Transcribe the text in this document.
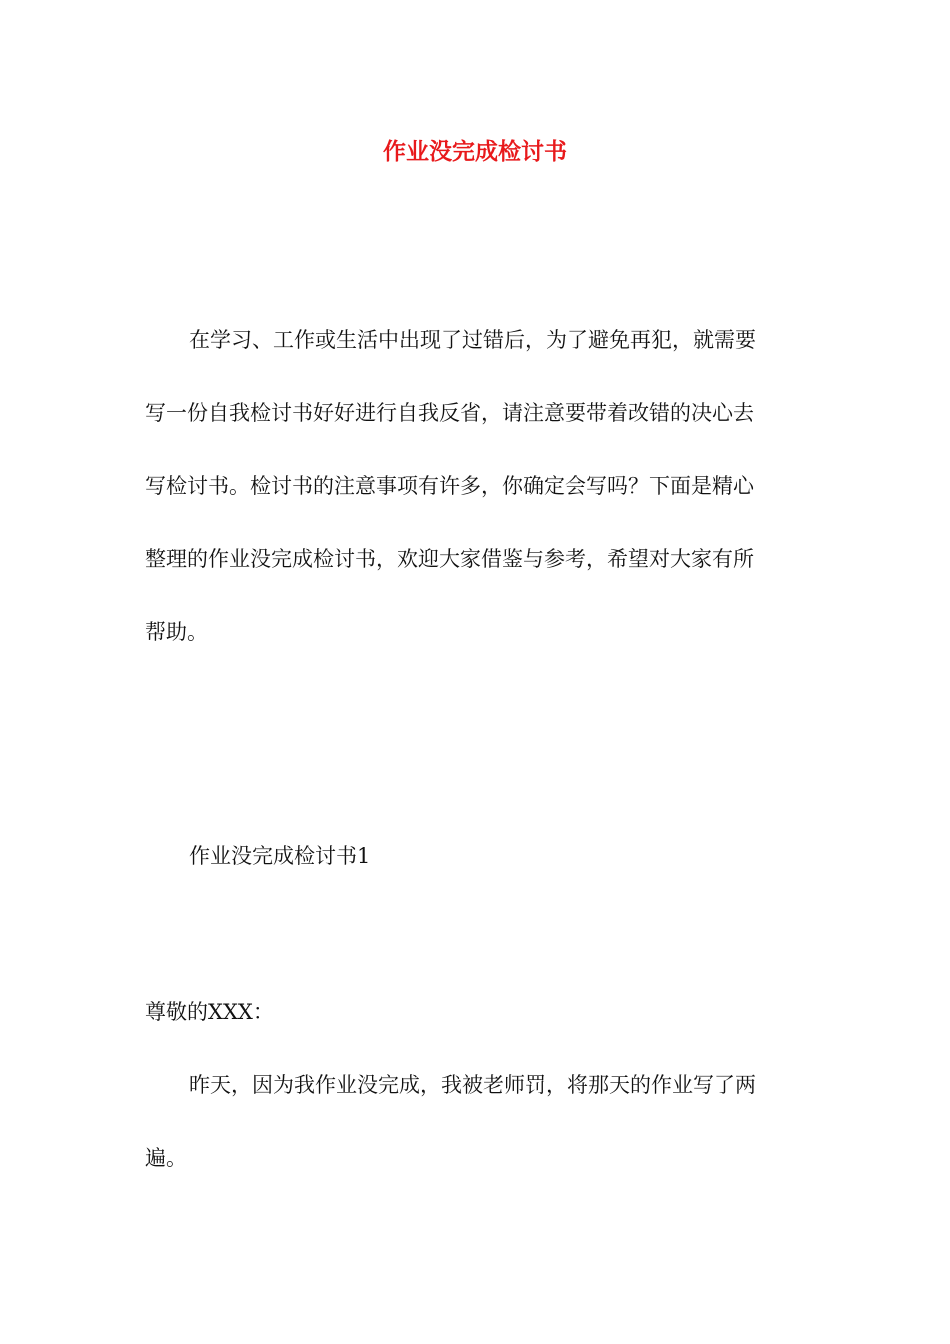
作业没完成检讨书

在学习、工作或生活中出现了过错后，为了避免再犯，就需要
写一份自我检讨书好好进行自我反省，请注意要带着改错的决心去
写检讨书。检讨书的注意事项有许多，你确定会写吗？下面是精心
整理的作业没完成检讨书，欢迎大家借鉴与参考，希望对大家有所
帮助。

作业没完成检讨书1

尊敬的XXX：

昨天，因为我作业没完成，我被老师罚，将那天的作业写了两
遍。
